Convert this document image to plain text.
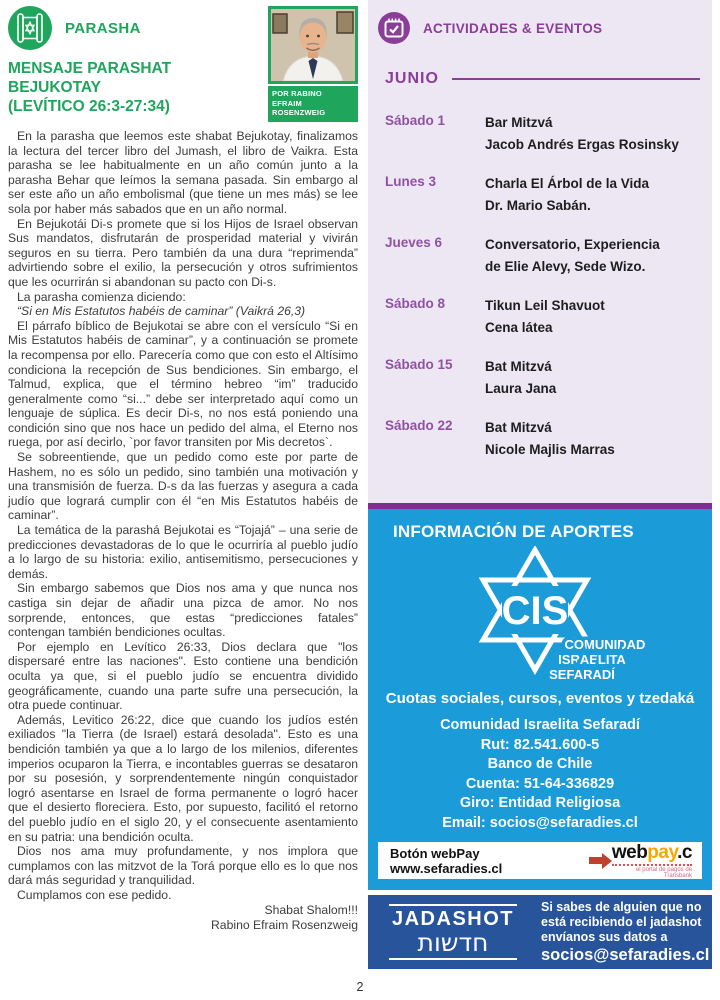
PARASHA
MENSAJE PARASHAT BEJUKOTAY
(LEVÍTICO 26:3-27:34)
POR RABINO
EFRAIM ROSENZWEIG

En la parasha que leemos este shabat Bejukotay, finalizamos la lectura del tercer libro del Jumash, el libro de Vaikra. Esta parasha se lee habitualmente en un año común junto a la parasha Behar que leímos la semana pasada. Sin embargo al ser este año un año embolismal (que tiene un mes más) se lee sola por haber más sabados que en un año normal.

En Bejukotái Di-s promete que si los Hijos de Israel observan Sus mandatos, disfrutarán de prosperidad material y vivirán seguros en su tierra. Pero también da una dura “reprimenda” advirtiendo sobre el exilio, la persecución y otros sufrimientos que les ocurrirán si abandonan su pacto con Di-s.

La parasha comienza diciendo:

“Si en Mis Estatutos habéis de caminar” (Vaikrá 26,3)

El párrafo bíblico de Bejukotai se abre con el versículo “Si en Mis Estatutos habéis de caminar”, y a continuación se promete la recompensa por ello. Parecería como que con esto el Altísimo condiciona la recepción de Sus bendiciones. Sin embargo, el Talmud, explica, que el término hebreo “im” traducido generalmente como “si...” debe ser interpretado aquí como un lenguaje de súplica. Es decir Di-s, no nos está poniendo una condición sino que nos hace un pedido del alma, el Eterno nos ruega, por así decirlo, `por favor transiten por Mis decretos`.

Se sobreentiende, que un pedido como este por parte de Hashem, no es sólo un pedido, sino también una motivación y una transmisión de fuerza. D-s da las fuerzas y asegura a cada judío que logrará cumplir con él “en Mis Estatutos habéis de caminar”.

La temática de la parashá Bejukotai es “Tojajá” – una serie de predicciones devastadoras de lo que le ocurriría al pueblo judío a lo largo de su historia: exilio, antisemitismo, persecuciones y demás.

Sin embargo sabemos que Dios nos ama y que nunca nos castiga sin dejar de añadir una pizca de amor. No nos sorprende, entonces, que estas “predicciones fatales” contengan también bendiciones ocultas.

Por ejemplo en Levítico 26:33, Dios declara que "los dispersaré entre las naciones". Esto contiene una bendición oculta ya que, si el pueblo judío se encuentra dividido geográficamente, cuando una parte sufre una persecución, la otra puede continuar.

Además, Levitico 26:22, dice que cuando los judíos estén exiliados "la Tierra (de Israel) estará desolada". Esto es una bendición también ya que a lo largo de los milenios, diferentes imperios ocuparon la Tierra, e incontables guerras se desataron por su posesión, y sorprendentemente ningún conquistador logró asentarse en Israel de forma permanente o logró hacer que el desierto floreciera. Esto, por supuesto, facilitó el retorno del pueblo judío en el siglo 20, y el consecuente asentamiento en su patria: una bendición oculta.

Dios nos ama muy profundamente, y nos implora que cumplamos con las mitzvot de la Torá porque ello es lo que nos dará más seguridad y tranquilidad.

Cumplamos con ese pedido.

Shabat Shalom!!!
Rabino Efraim Rosenzweig
ACTIVIDADES & EVENTOS
JUNIO
Sábado 1	Bar Mitzvá
Jacob Andrés Ergas Rosinsky
Lunes 3	Charla El Árbol de la Vida
Dr. Mario Sabán.
Jueves 6	Conversatorio, Experiencia
de Elie Alevy, Sede Wizo.
Sábado 8	Tikun Leil Shavuot
Cena látea
Sábado 15	Bat Mitzvá
Laura Jana
Sábado 22	Bat Mitzvá
Nicole Majlis Marras
INFORMACIÓN DE APORTES
CIS
COMUNIDAD
ISRAELITA
SEFARADÍ
Cuotas sociales, cursos, eventos y tzedaká
Comunidad Israelita Sefaradí
Rut: 82.541.600-5
Banco de Chile
Cuenta: 51-64-336829
Giro: Entidad Religiosa
Email: socios@sefaradies.cl
Botón webPay www.sefaradies.cl
webpay.c
el portal de pagos de Transbank
JADASHOT
חדשות
Si sabes de alguien que no
está recibiendo el jadashot
envíanos sus datos a
socios@sefaradies.cl
2
